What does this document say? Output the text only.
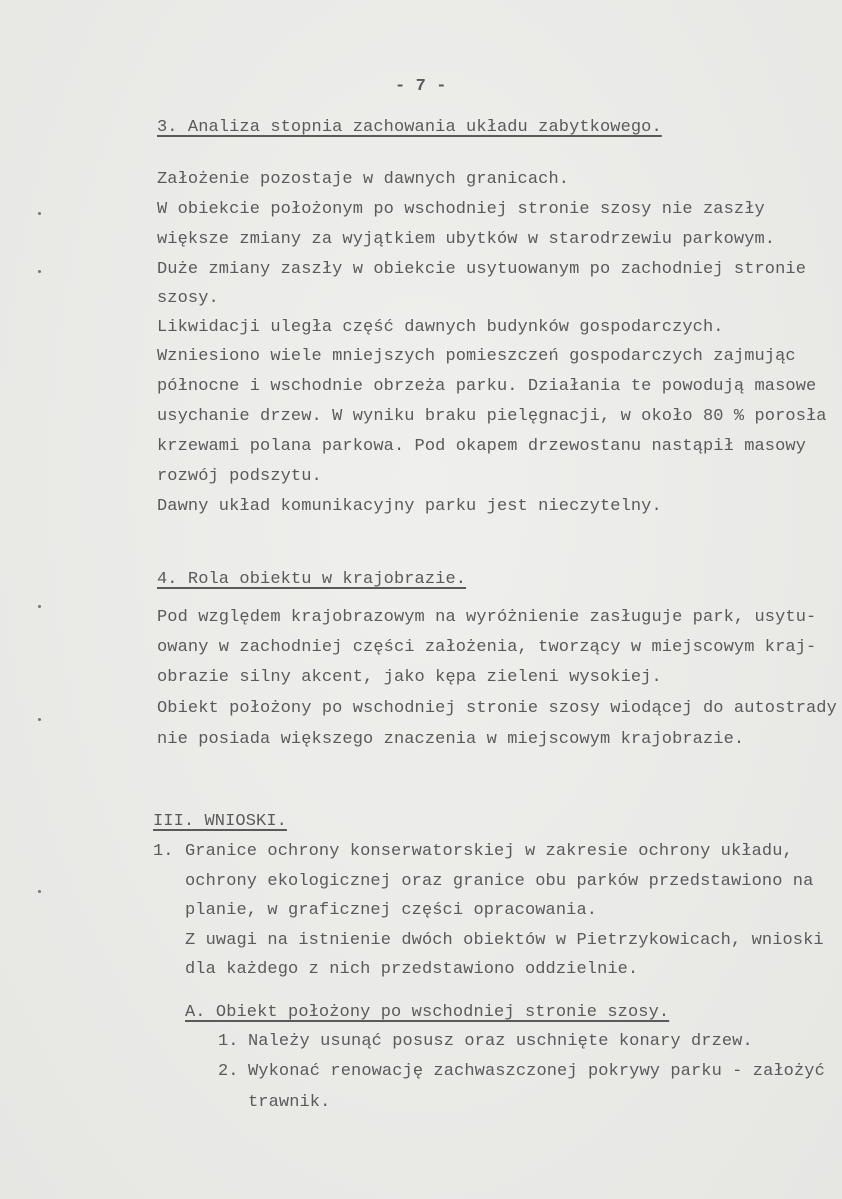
- 7 -
3. Analiza stopnia zachowania układu zabytkowego.
Założenie pozostaje w dawnych granicach.
W obiekcie położonym po wschodniej stronie szosy nie zaszły
większe zmiany za wyjątkiem ubytków w starodrzewiu parkowym.
Duże zmiany zaszły w obiekcie usytuowanym po zachodniej stronie
szosy.
Likwidacji uległa część dawnych budynków gospodarczych.
Wzniesiono wiele mniejszych pomieszczeń gospodarczych zajmując
północne i wschodnie obrzeża parku. Działania te powodują masowe
usychanie drzew. W wyniku braku pielęgnacji, w około 80 % porosła
krzewami polana parkowa. Pod okapem drzewostanu nastąpił masowy
rozwój podszytu.
Dawny układ komunikacyjny parku jest nieczytelny.
4. Rola obiektu w krajobrazie.
Pod względem krajobrazowym na wyróżnienie zasługuje park, usytu-
owany w zachodniej części założenia, tworzący w miejscowym kraj-
obrazie silny akcent, jako kępa zieleni wysokiej.
Obiekt położony po wschodniej stronie szosy wiodącej do autostrady
nie posiada większego znaczenia w miejscowym krajobrazie.
III. WNIOSKI.
1. Granice ochrony konserwatorskiej w zakresie ochrony układu,
ochrony ekologicznej oraz granice obu parków przedstawiono na
planie, w graficznej części opracowania.
Z uwagi na istnienie dwóch obiektów w Pietrzykowicach, wnioski
dla każdego z nich przedstawiono oddzielnie.
A. Obiekt położony po wschodniej stronie szosy.
1. Należy usunąć posusz oraz uschnięte konary drzew.
2. Wykonać renowację zachwaszczonej pokrywy parku - założyć
trawnik.
